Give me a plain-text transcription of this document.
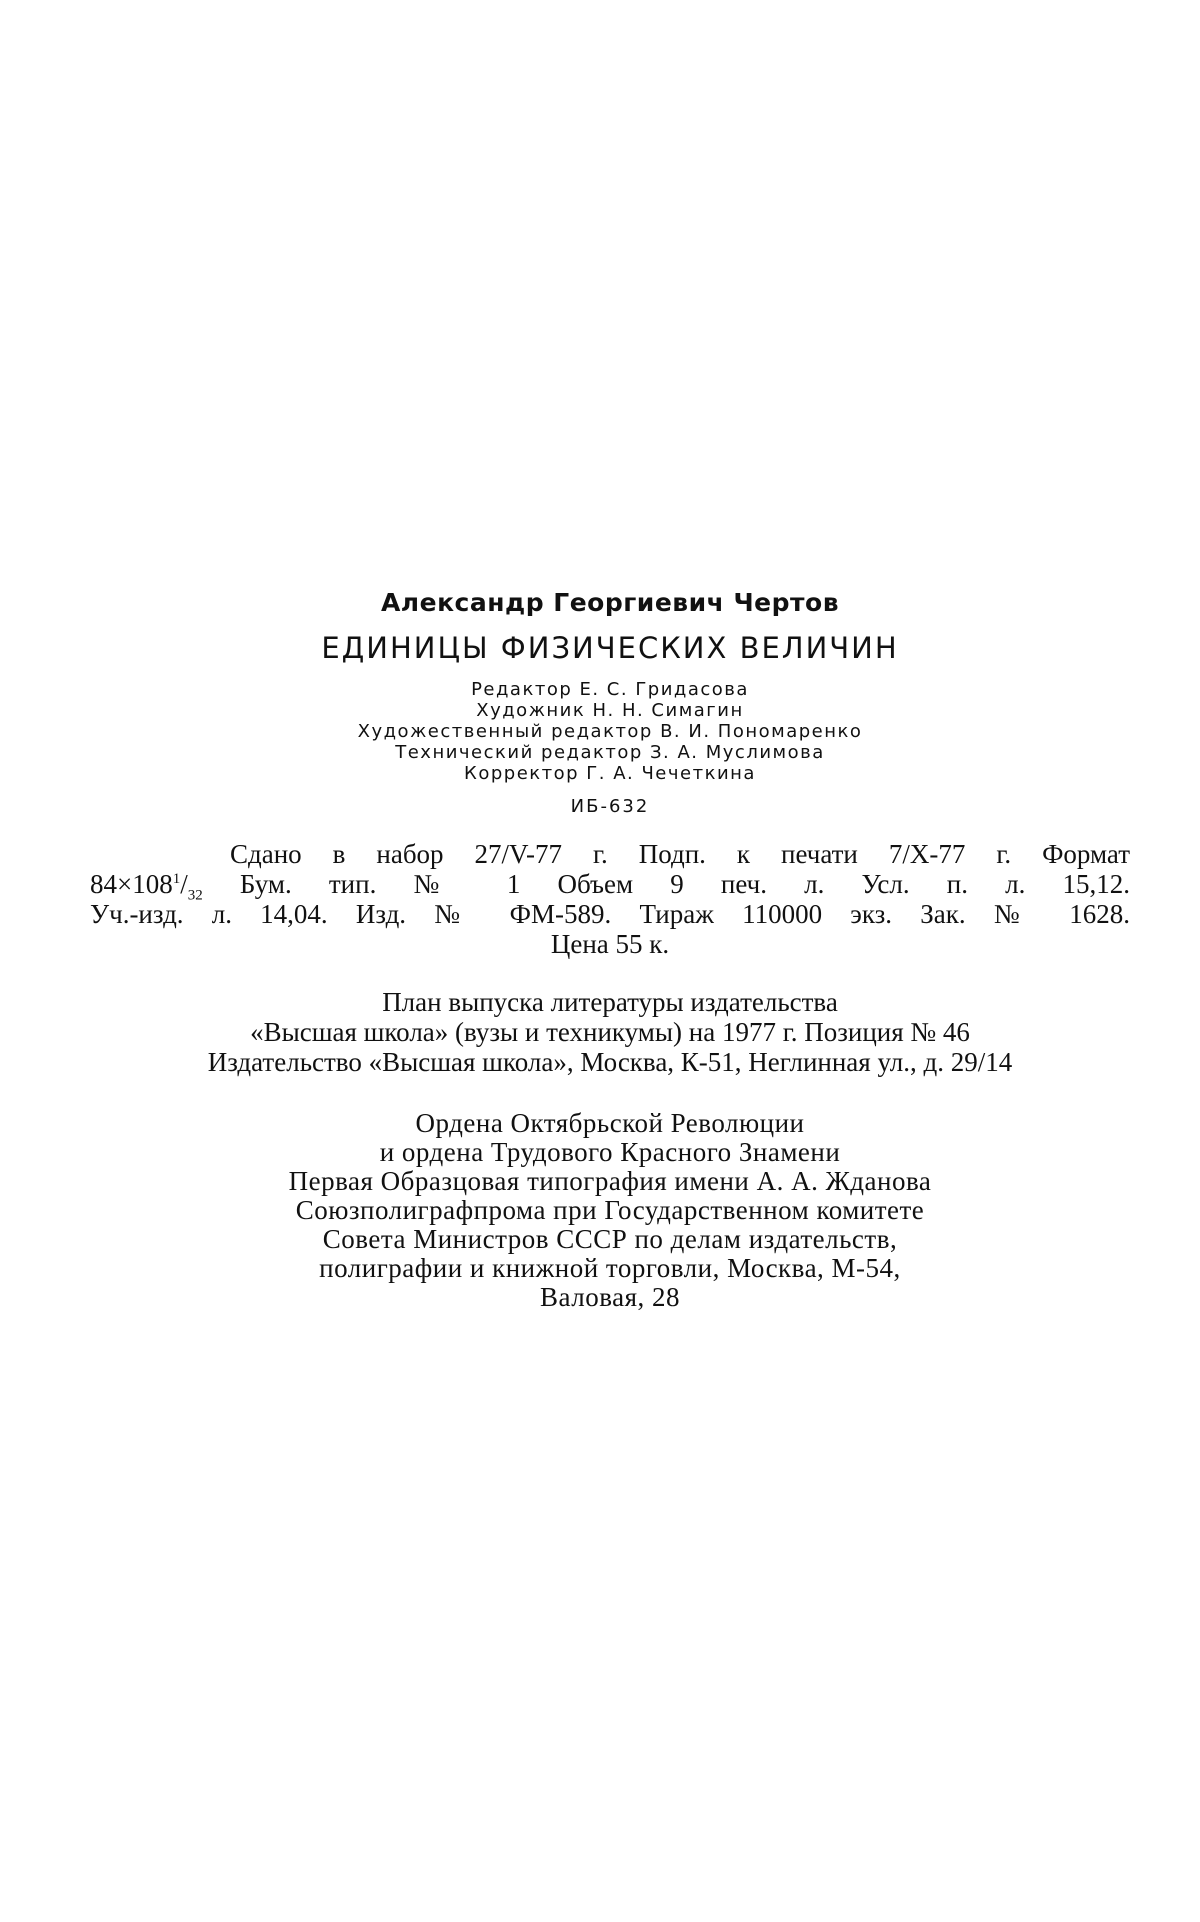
Александр Георгиевич Чертов
ЕДИНИЦЫ ФИЗИЧЕСКИХ ВЕЛИЧИН
Редактор Е. С. Гридасова
Художник Н. Н. Симагин
Художественный редактор В. И. Пономаренко
Технический редактор З. А. Муслимова
Корректор Г. А. Чечеткина
ИБ-632
Сдано в набор 27/V-77 г. Подп. к печати 7/X-77 г. Формат
$84\times 108^1/_{32}$ Бум. тип. № 1 Объем 9 печ. л. Усл. п. л. 15,12.
Уч.-изд. л. 14,04. Изд. № ФМ-589. Тираж 110000 экз. Зак. № 1628.
Цена 55 к.
План выпуска литературы издательства
«Высшая школа» (вузы и техникумы) на 1977 г. Позиция № 46
Издательство «Высшая школа», Москва, К-51, Неглинная ул., д. 29/14
Ордена Октябрьской Революции
и ордена Трудового Красного Знамени
Первая Образцовая типография имени А. А. Жданова
Союзполиграфпрома при Государственном комитете
Совета Министров СССР по делам издательств,
полиграфии и книжной торговли, Москва, М-54,
Валовая, 28
